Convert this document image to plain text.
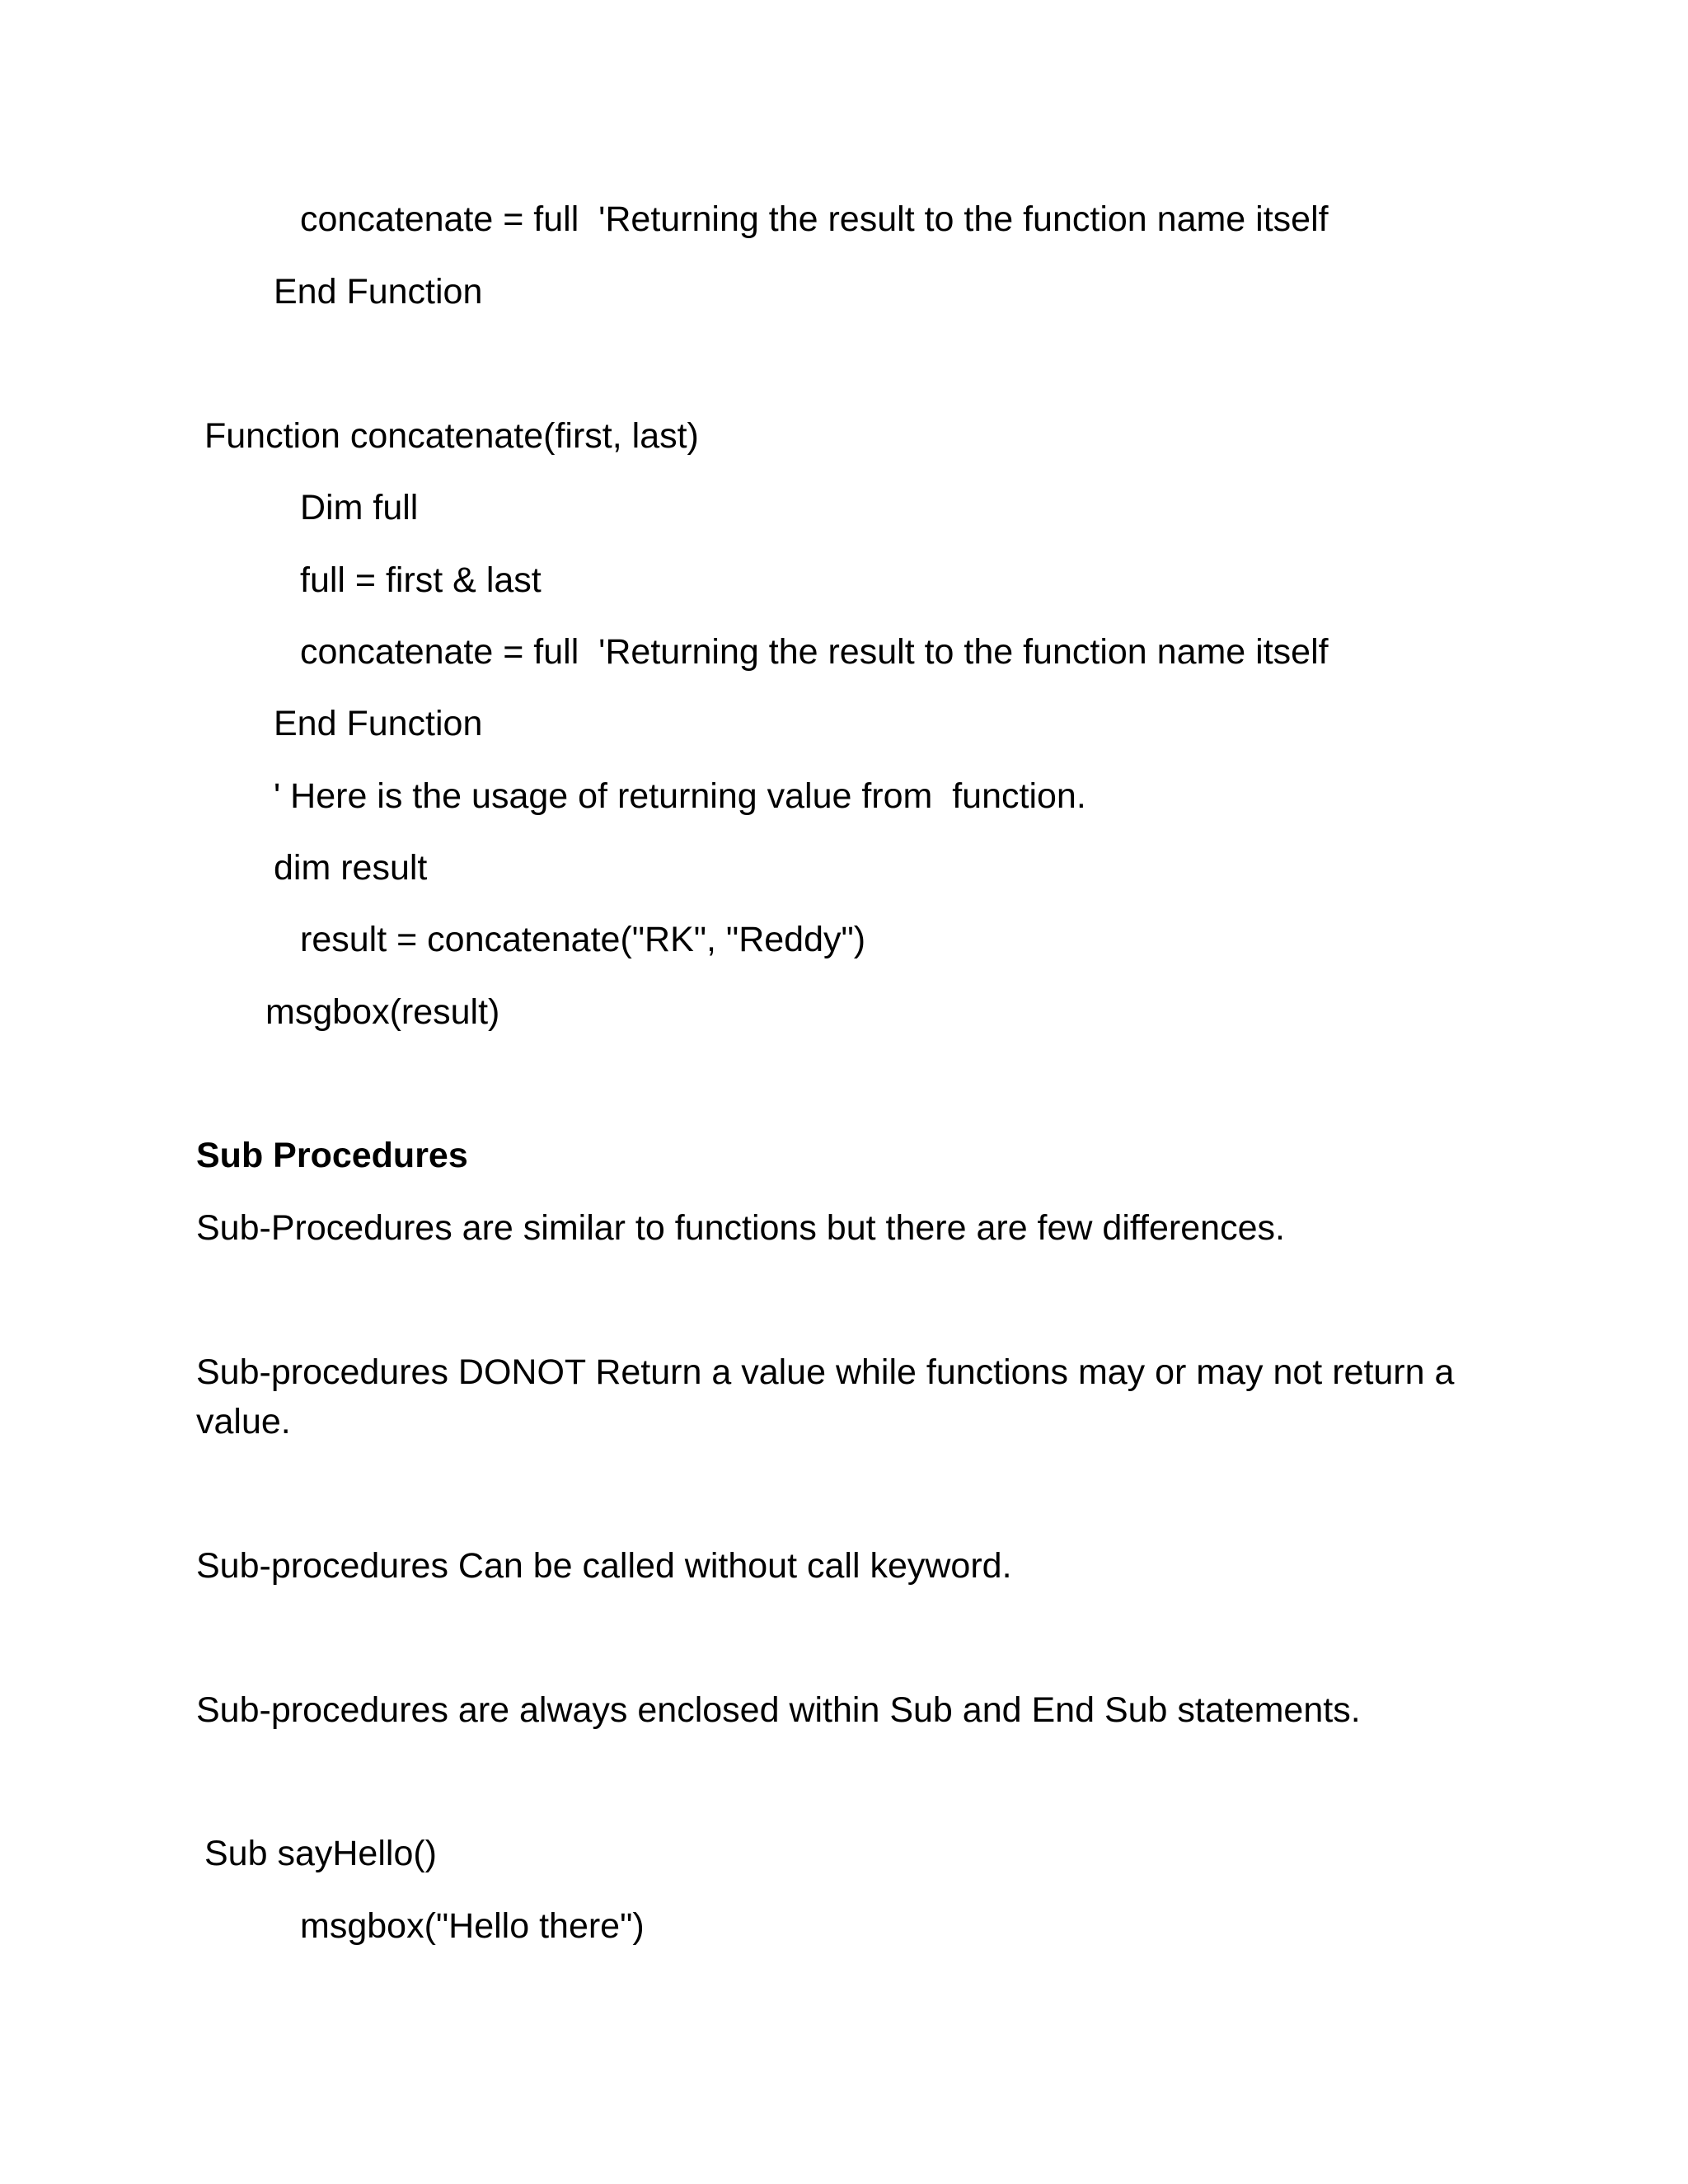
concatenate = full  'Returning the result to the function name itself
End Function
Function concatenate(first, last)
Dim full
full = first & last
concatenate = full  'Returning the result to the function name itself
End Function
' Here is the usage of returning value from  function.
dim result
result = concatenate("RK", "Reddy")
msgbox(result)
Sub Procedures
Sub-Procedures are similar to functions but there are few differences.
Sub-procedures DONOT Return a value while functions may or may not return a
value.
Sub-procedures Can be called without call keyword.
Sub-procedures are always enclosed within Sub and End Sub statements.
Sub sayHello()
msgbox("Hello there")
